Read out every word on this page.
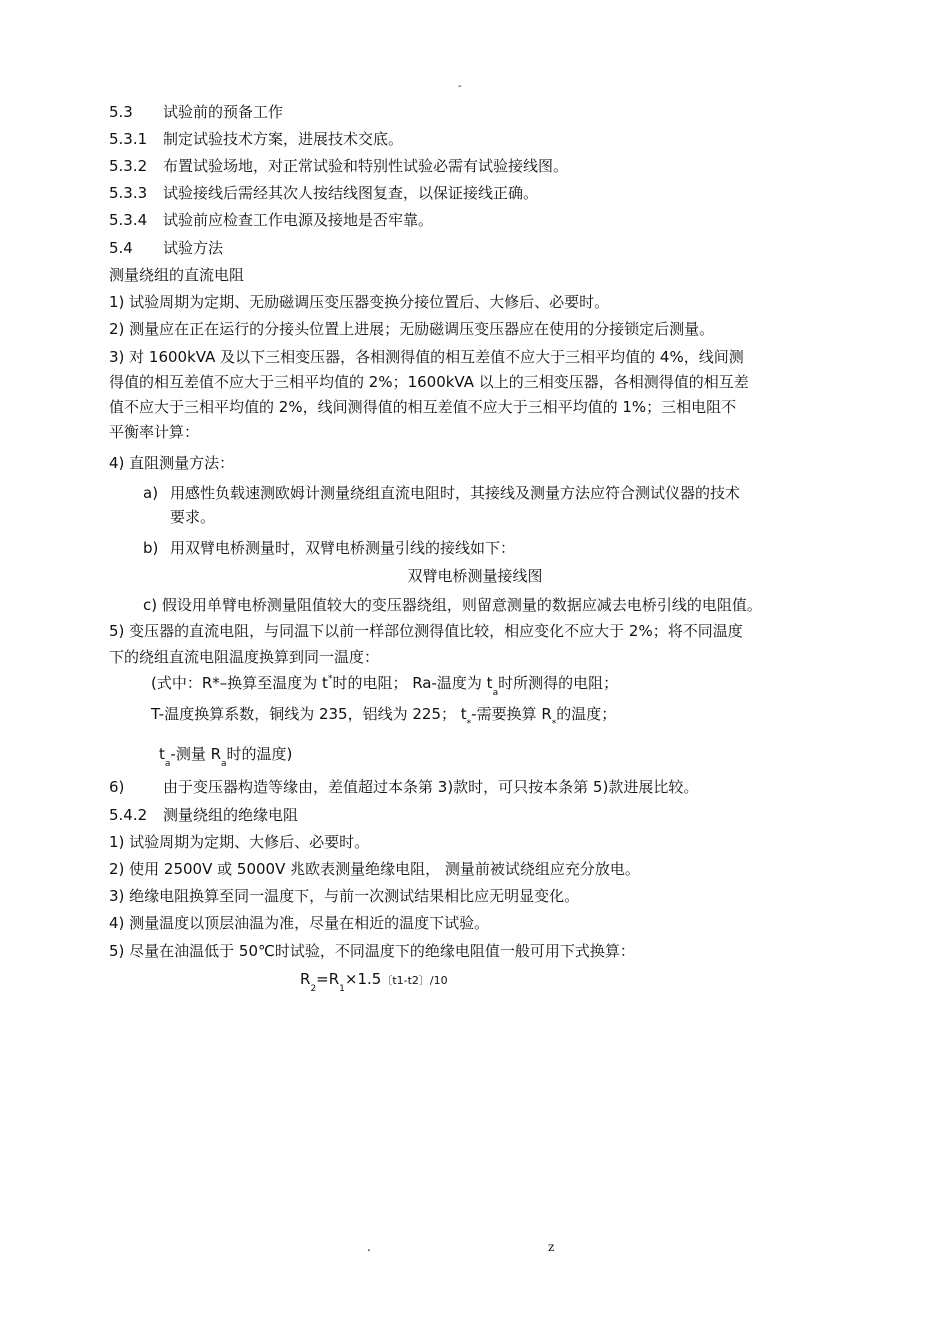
-
5.3 试验前的预备工作
5.3.1 制定试验技术方案，进展技术交底。
5.3.2 布置试验场地，对正常试验和特别性试验必需有试验接线图。
5.3.3 试验接线后需经其次人按结线图复查，以保证接线正确。
5.3.4 试验前应检查工作电源及接地是否牢靠。
5.4 试验方法
测量绕组的直流电阻
1) 试验周期为定期、无励磁调压变压器变换分接位置后、大修后、必要时。
2) 测量应在正在运行的分接头位置上进展；无励磁调压变压器应在使用的分接锁定后测量。
3) 对 1600kVA 及以下三相变压器，各相测得值的相互差值不应大于三相平均值的 4%，线间测
得值的相互差值不应大于三相平均值的 2%；1600kVA 以上的三相变压器，各相测得值的相互差
值不应大于三相平均值的 2%，线间测得值的相互差值不应大于三相平均值的 1%；三相电阻不
平衡率计算：
4) 直阻测量方法：
a) 用感性负载速测欧姆计测量绕组直流电阻时，其接线及测量方法应符合测试仪器的技术
要求。
b) 用双臂电桥测量时，双臂电桥测量引线的接线如下：
双臂电桥测量接线图
c) 假设用单臂电桥测量阻值较大的变压器绕组，则留意测量的数据应减去电桥引线的电阻值。
5) 变压器的直流电阻，与同温下以前一样部位测得值比较，相应变化不应大于 2%；将不同温度
下的绕组直流电阻温度换算到同一温度：
(式中：R*–换算至温度为 t*时的电阻； Ra-温度为 $t_a$时所测得的电阻；
T-温度换算系数，铜线为 235，铝线为 225； $t_*-$需要换算 $R_*$的温度；
$t_a-$测量 $R_a$时的温度)
6)	由于变压器构造等缘由，差值超过本条第 3)款时，可只按本条第 5)款进展比较。
5.4.2 测量绕组的绝缘电阻
1) 试验周期为定期、大修后、必要时。
2) 使用 2500V 或 5000V 兆欧表测量绝缘电阻， 测量前被试绕组应充分放电。
3) 绝缘电阻换算至同一温度下，与前一次测试结果相比应无明显变化。
4) 测量温度以顶层油温为准，尽量在相近的温度下试验。
5) 尽量在油温低于 50℃时试验，不同温度下的绝缘电阻值一般可用下式换算：
$R_2=R_1\times 1.5$〔t1-t2〕/10
.	z
